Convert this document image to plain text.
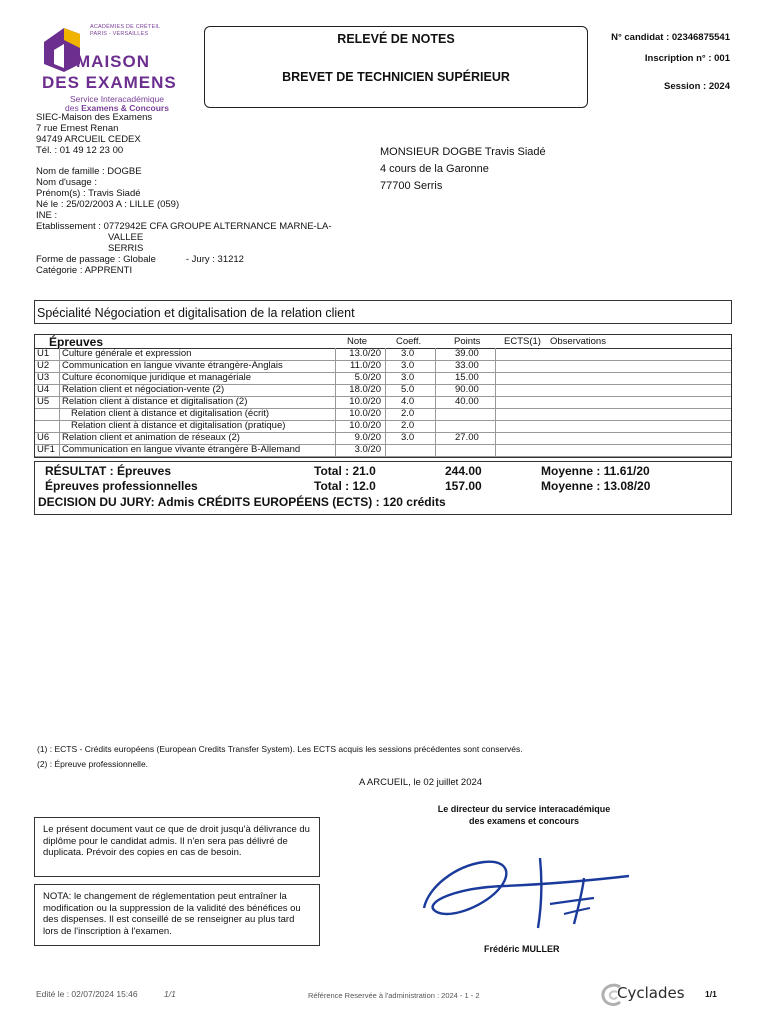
ACADÉMIES DE CRÉTEIL
PARIS - VERSAILLES
MAISON
DES EXAMENS
Service Interacadémique
des Examens & Concours
RELEVÉ DE NOTES
BREVET DE TECHNICIEN SUPÉRIEUR
N° candidat : 02346875541
Inscription n° : 001
Session : 2024
SIEC-Maison des Examens
7 rue Ernest Renan
94749 ARCUEIL CEDEX
Tél. : 01 49 12 23 00	MONSIEUR DOGBE Travis Siadé
4 cours de la Garonne
77700 Serris
Nom de famille : DOGBE
Nom d'usage :
Prénom(s) : Travis Siadé
Né le : 25/02/2003 A : LILLE (059)
INE :
Etablissement : 0772942E CFA GROUPE ALTERNANCE MARNE-LA-
VALLEE
SERRIS
Forme de passage : Globale	- Jury : 31212
Catégorie : APPRENTI
Spécialité Négociation et digitalisation de la relation client
Épreuves	Note	Coeff.	Points ECTS(1) Observations
U1 Culture générale et expression	13.0/20 3.0	39.00
U2 Communication en langue vivante étrangère-Anglais	11.0/20 3.0	33.00
U3 Culture économique juridique et managériale	5.0/20 3.0	15.00
U4 Relation client et négociation-vente (2)	18.0/20 5.0	90.00
U5 Relation client à distance et digitalisation (2)	10.0/20 4.0	40.00
Relation client à distance et digitalisation (écrit)	10.0/20 2.0
Relation client à distance et digitalisation (pratique)	10.0/20 2.0
U6 Relation client et animation de réseaux (2)	9.0/20 3.0	27.00
UF1 Communication en langue vivante étrangère B-Allemand	3.0/20
RÉSULTAT : Épreuves	Total : 21.0	244.00	Moyenne : 11.61/20
Épreuves professionnelles	Total : 12.0	157.00	Moyenne : 13.08/20
DECISION DU JURY: Admis CRÉDITS EUROPÉENS (ECTS) : 120 crédits
(1) : ECTS - Crédits européens (European Credits Transfer System). Les ECTS acquis les sessions précédentes sont conservés.
(2) : Épreuve professionnelle.
A ARCUEIL, le 02 juillet 2024
Le directeur du service interacadémique
des examens et concours
Frédéric MULLER
Le présent document vaut ce que de droit jusqu'à délivrance du diplôme pour le candidat admis. Il n'en sera pas délivré de duplicata. Prévoir des copies en cas de besoin.
NOTA: le changement de réglementation peut entraîner la modification ou la suppression de la validité des bénéfices ou des dispenses. Il est conseillé de se renseigner au plus tard lors de l'inscription à l'examen.
Edité le : 02/07/2024 15:46	1/1	Référence Reservée à l'administration : 2024 - 1 - 2	Cyclades 1/1
